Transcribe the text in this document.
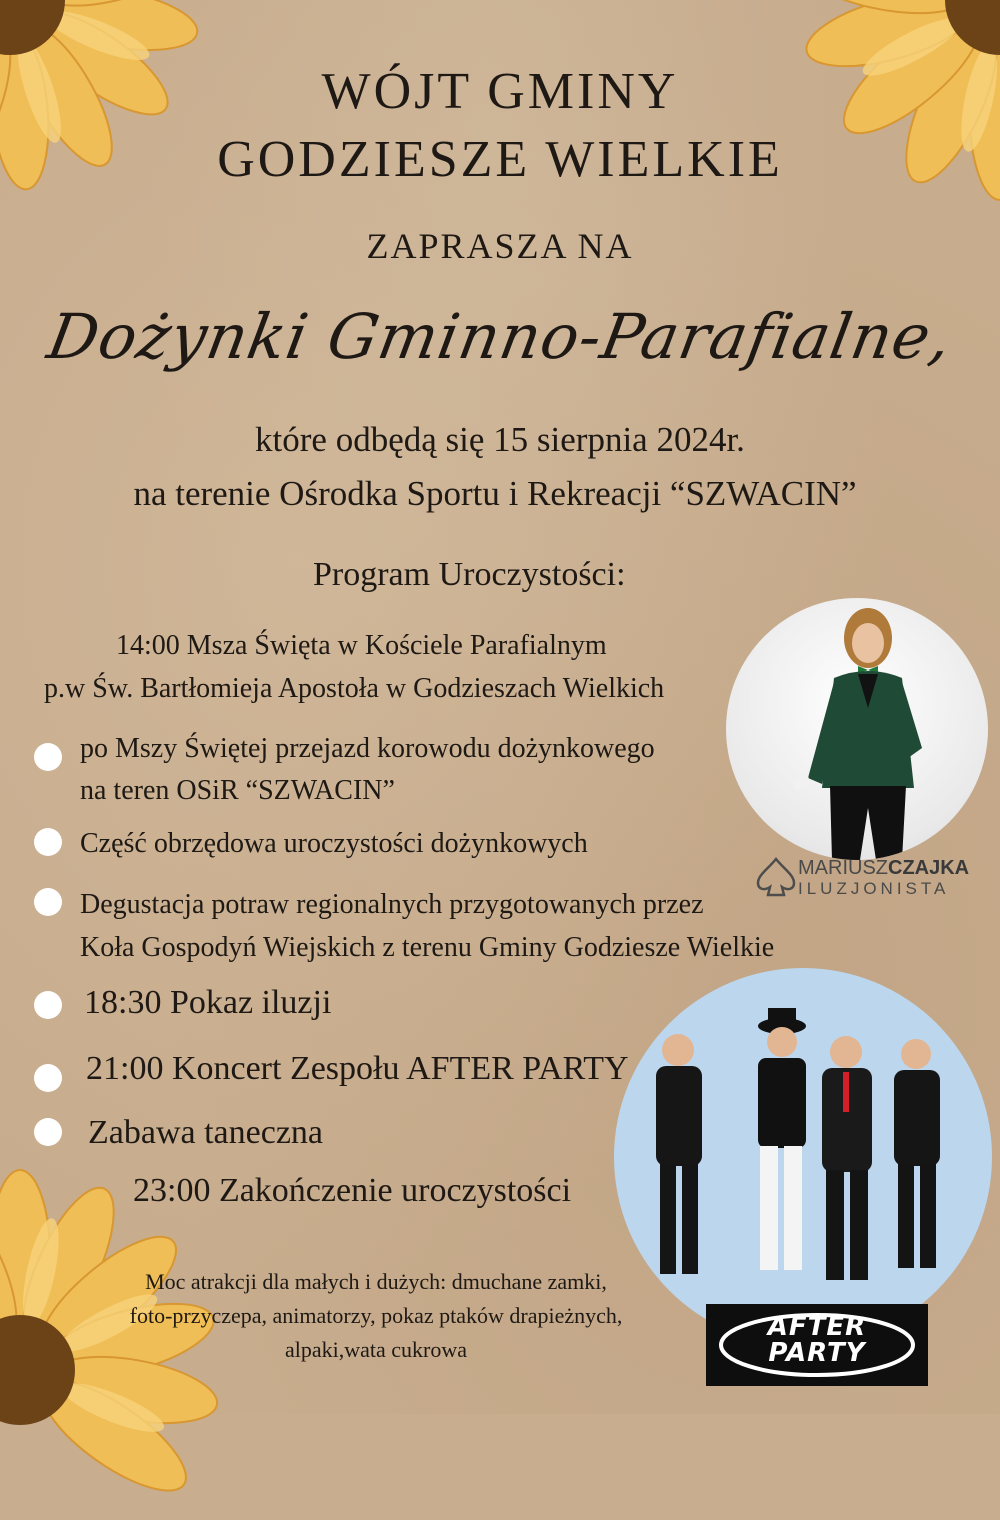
WÓJT GMINY
GODZIESZE WIELKIE
ZAPRASZA NA
Dożynki Gminno-Parafialne,
które odbędą się 15 sierpnia 2024r.
na terenie Ośrodka Sportu i Rekreacji “SZWACIN”
Program Uroczystości:
14:00 Msza Święta w Kościele Parafialnym
p.w Św. Bartłomieja Apostoła w Godzieszach Wielkich
po Mszy Świętej przejazd korowodu dożynkowego
na teren OSiR “SZWACIN”
Część obrzędowa uroczystości dożynkowych
Degustacja potraw regionalnych przygotowanych przez
Koła Gospodyń Wiejskich z terenu Gminy Godziesze Wielkie
18:30 Pokaz iluzji
21:00 Koncert Zespołu AFTER PARTY
Zabawa taneczna
23:00 Zakończenie uroczystości
Moc atrakcji dla małych i dużych: dmuchane zamki,
foto-przyczepa, animatorzy, pokaz ptaków drapieżnych,
alpaki,wata cukrowa
MARIUSZCZAJKA
ILUZJONISTA
AFTER
PARTY
